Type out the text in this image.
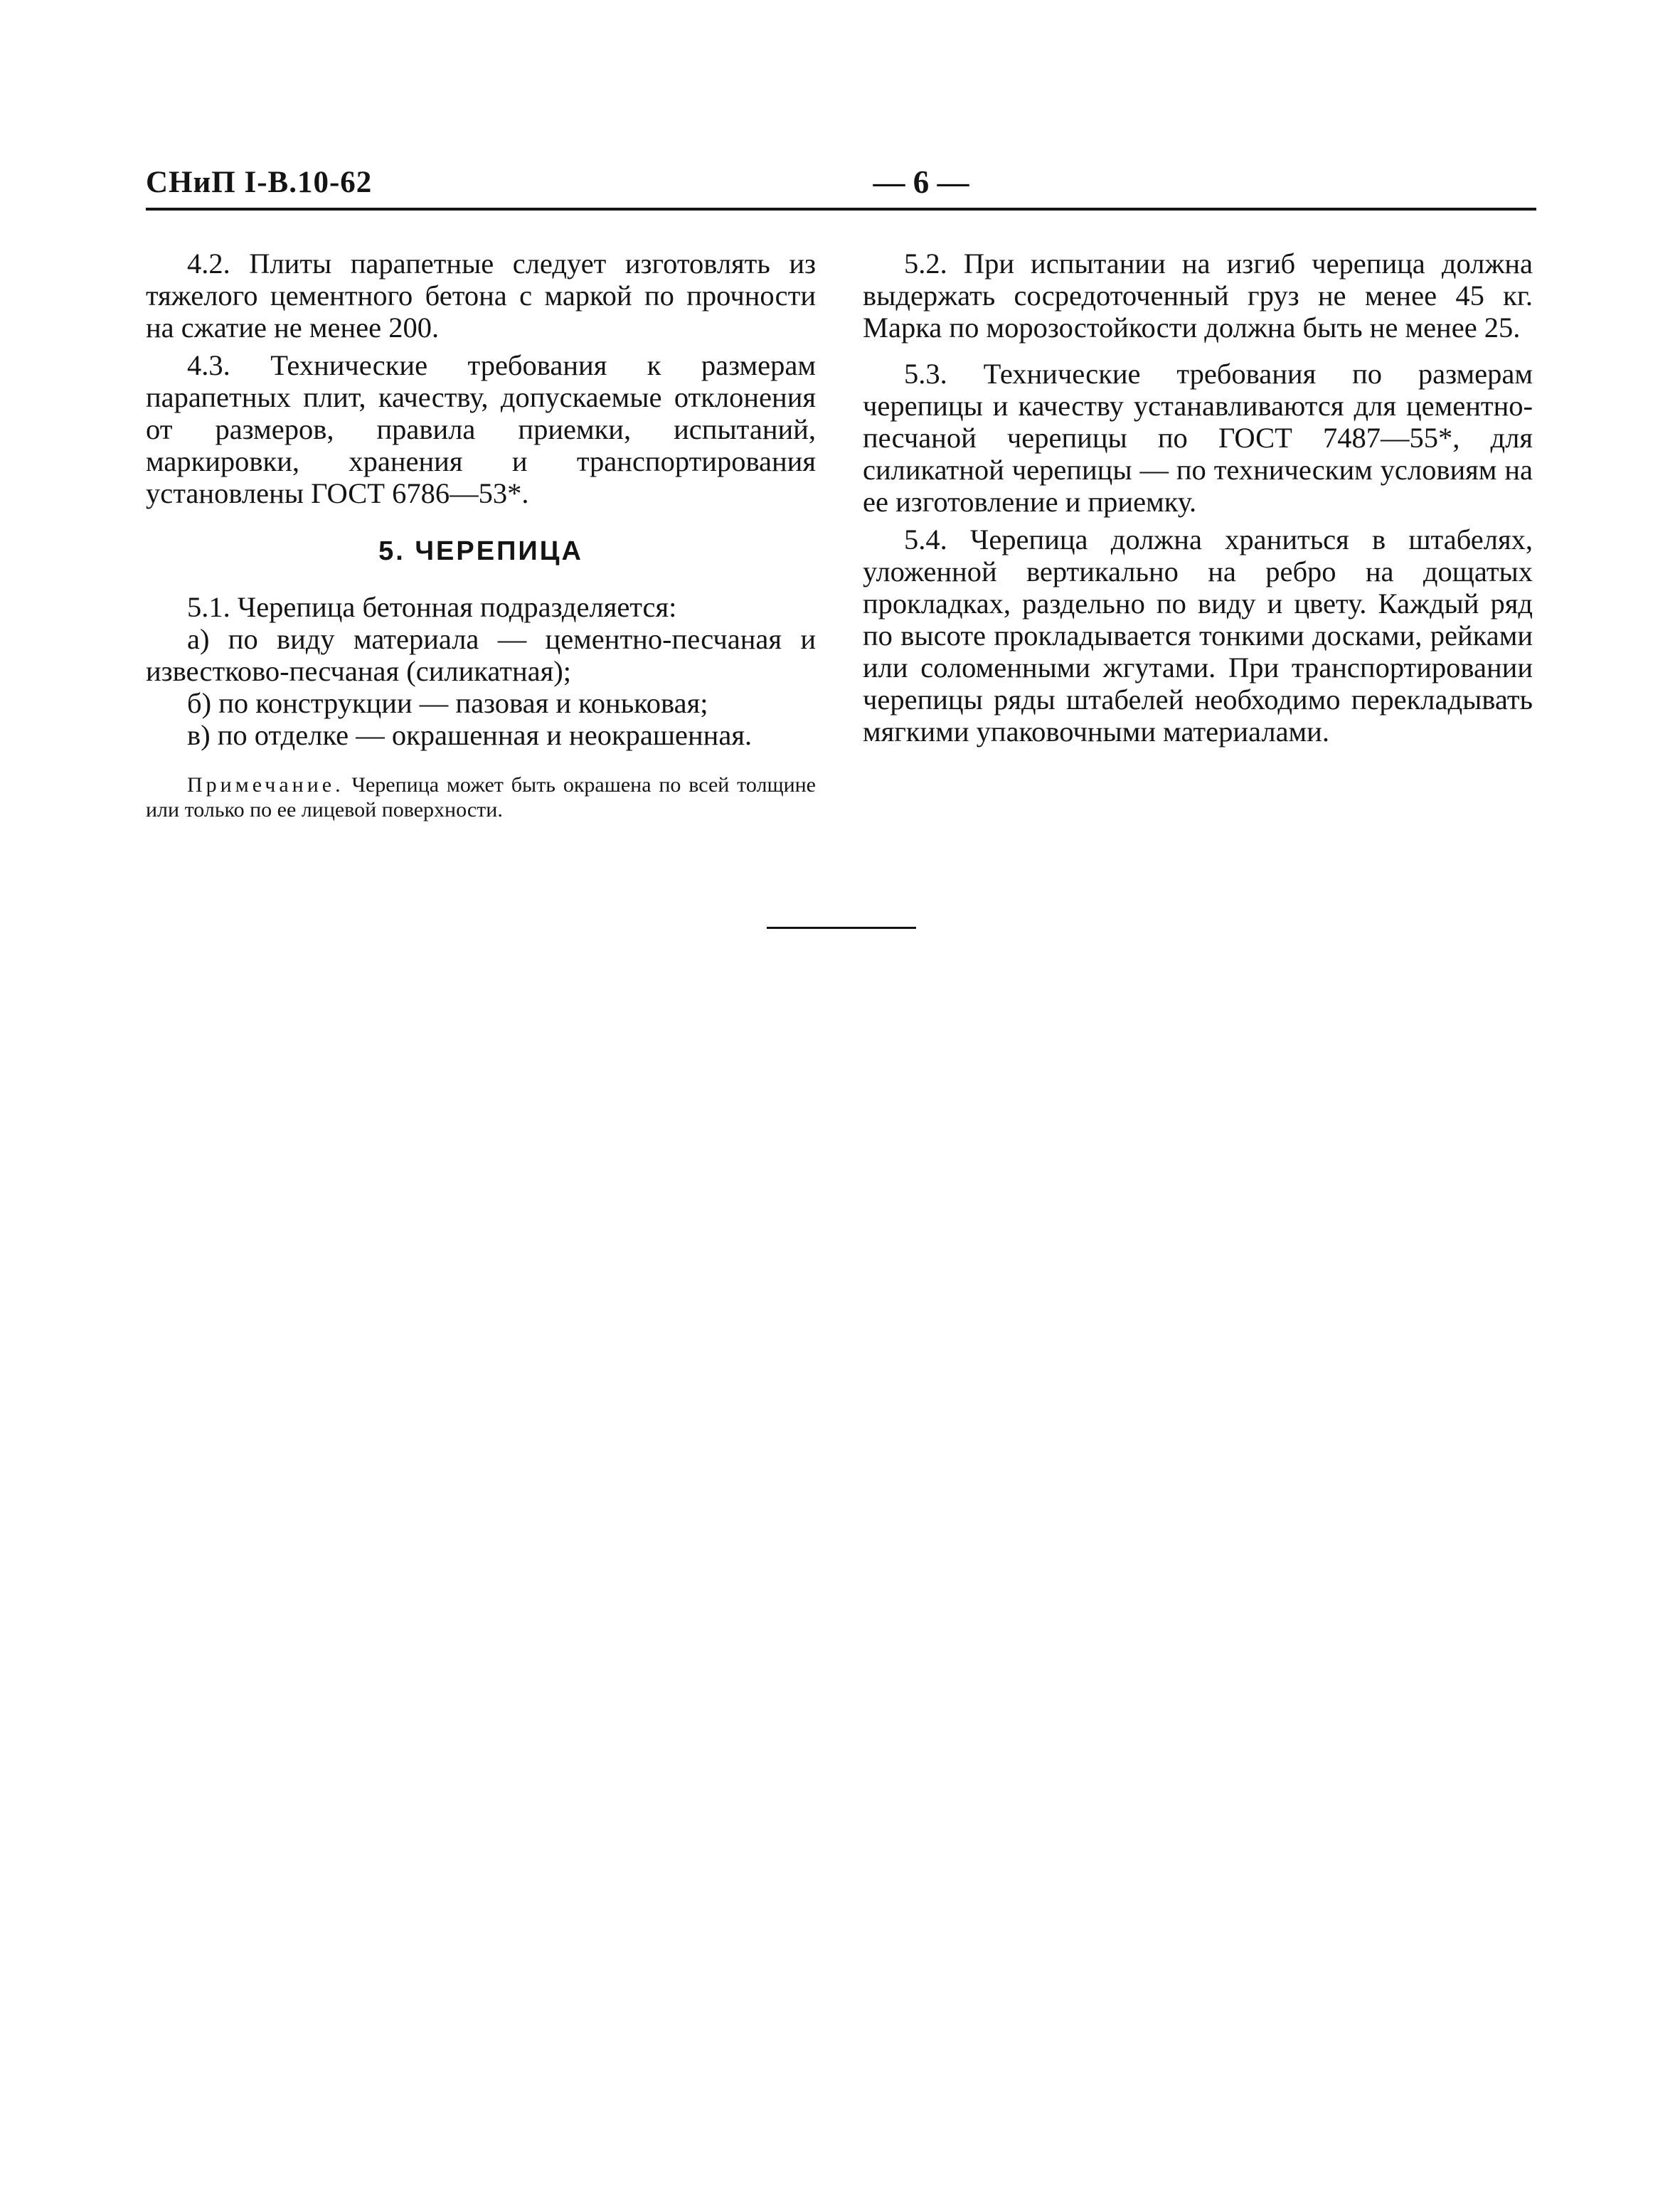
СНиП І-В.10-62	— 6 —

4.2. Плиты парапетные следует изготовлять из тяжелого цементного бетона с маркой по прочности на сжатие не менее 200.

4.3. Технические требования к размерам парапетных плит, качеству, допускаемые отклонения от размеров, правила приемки, испытаний, маркировки, хранения и транспортирования установлены ГОСТ 6786—53*.

5. ЧЕРЕПИЦА

5.1. Черепица бетонная подразделяется:

а) по виду материала — цементно-песчаная и известково-песчаная (силикатная);

б) по конструкции — пазовая и коньковая;

в) по отделке — окрашенная и неокрашенная.

Примечание. Черепица может быть окрашена по всей толщине или только по ее лицевой поверхности.

5.2. При испытании на изгиб черепица должна выдержать сосредоточенный груз не менее 45 кг. Марка по морозостойкости должна быть не менее 25.

5.3. Технические требования по размерам черепицы и качеству устанавливаются для цементно-песчаной черепицы по ГОСТ 7487—55*, для силикатной черепицы — по техническим условиям на ее изготовление и приемку.

5.4. Черепица должна храниться в штабелях, уложенной вертикально на ребро на дощатых прокладках, раздельно по виду и цвету. Каждый ряд по высоте прокладывается тонкими досками, рейками или соломенными жгутами. При транспортировании черепицы ряды штабелей необходимо перекладывать мягкими упаковочными материалами.
